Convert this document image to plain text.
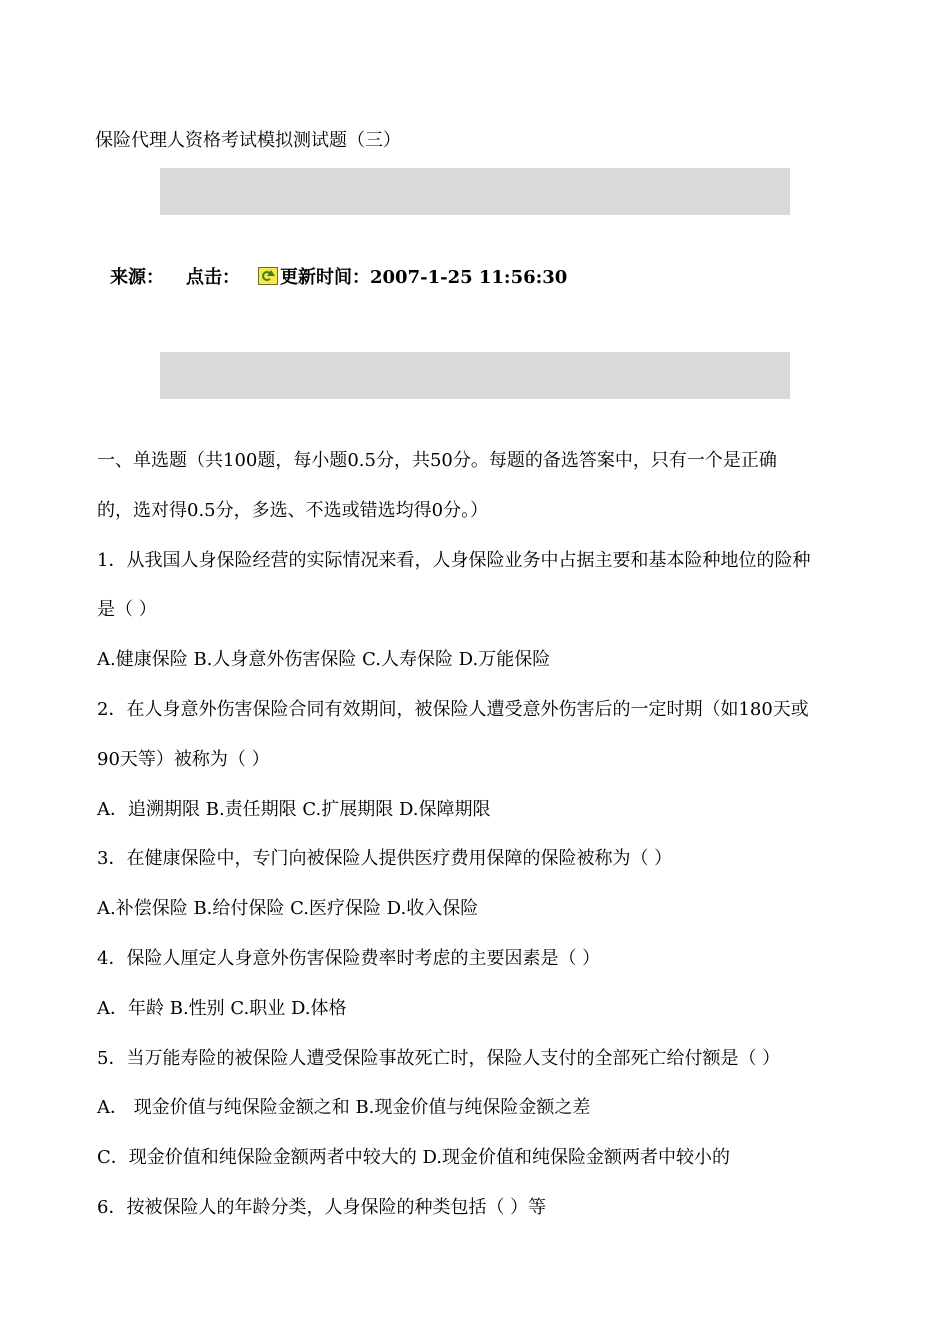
保险代理人资格考试模拟测试题（三）
来源： 点击： 更新时间：2007-1-25 11:56:30
一、单选题（共100题，每小题0.5分，共50分。每题的备选答案中，只有一个是正确
的，选对得0.5分，多选、不选或错选均得0分。）
1．从我国人身保险经营的实际情况来看，人身保险业务中占据主要和基本险种地位的险种
是（ ）
A.健康保险 B.人身意外伤害保险 C.人寿保险 D.万能保险
2．在人身意外伤害保险合同有效期间，被保险人遭受意外伤害后的一定时期（如180天或
90天等）被称为（ ）
A．追溯期限 B.责任期限 C.扩展期限 D.保障期限
3．在健康保险中，专门向被保险人提供医疗费用保障的保险被称为（ ）
A.补偿保险 B.给付保险 C.医疗保险 D.收入保险
4．保险人厘定人身意外伤害保险费率时考虑的主要因素是（ ）
A．年龄 B.性别 C.职业 D.体格
5．当万能寿险的被保险人遭受保险事故死亡时，保险人支付的全部死亡给付额是（ ）
A． 现金价值与纯保险金额之和 B.现金价值与纯保险金额之差
C．现金价值和纯保险金额两者中较大的 D.现金价值和纯保险金额两者中较小的
6．按被保险人的年龄分类，人身保险的种类包括（ ）等
